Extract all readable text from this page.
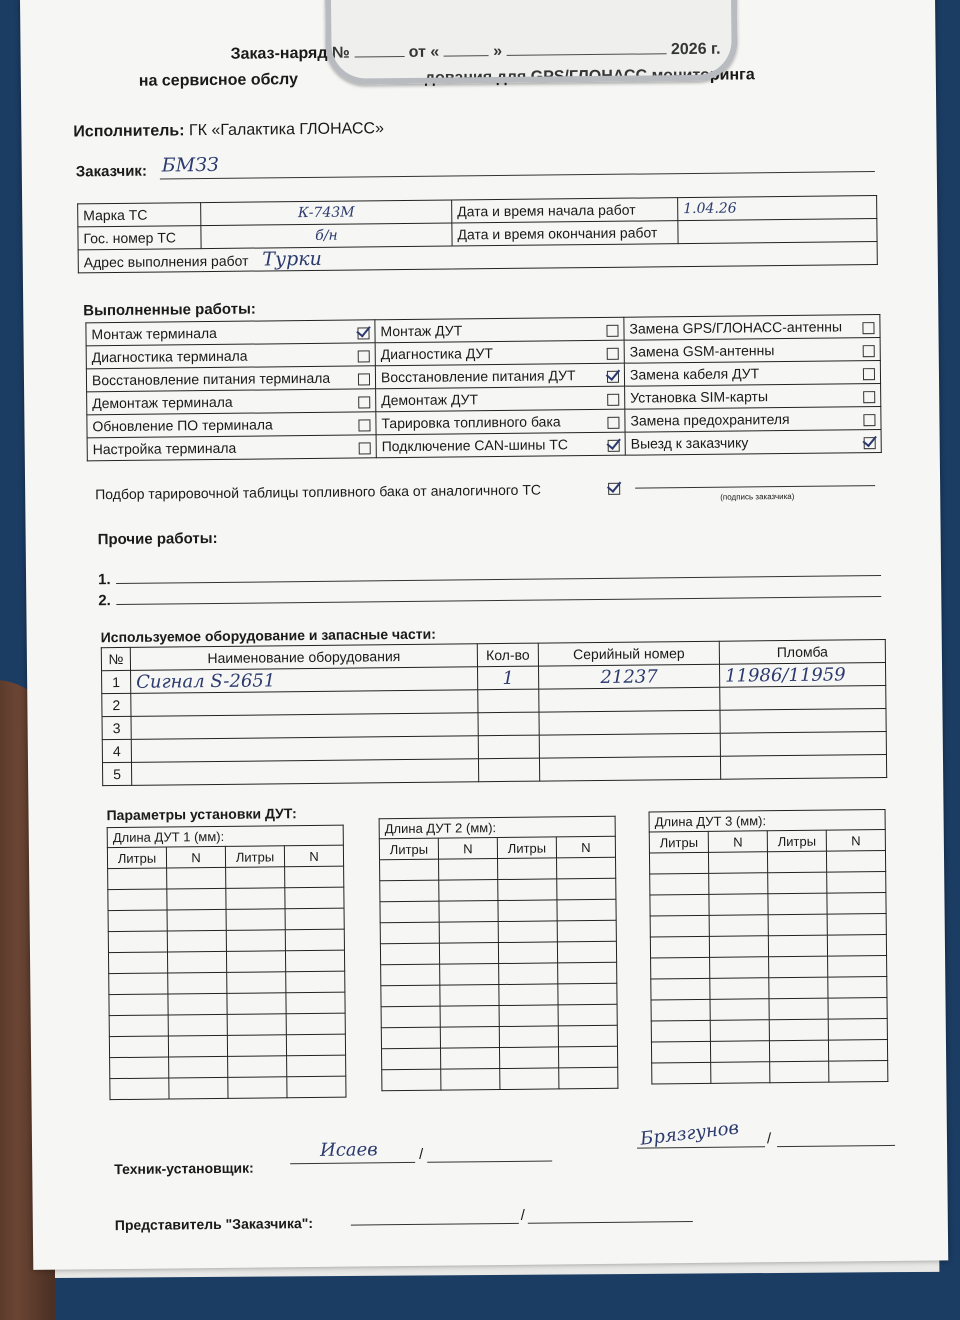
Заказ-наряд №	от «	»	2026 г.
на сервисное обслу	дования для GPS/ГЛОНАСС мониторинга
Исполнитель: ГК «Галактика ГЛОНАСС»
Заказчик: БМЗЗ
Марка ТС	К-743М	Дата и время начала работ	1.04.26
Гос. номер ТС	б/н	Дата и время окончания работ	
Адрес выполнения работ Турки			
Выполненные работы:
Монтаж терминала	Монтаж ДУТ	Замена GPS/ГЛОНАСС-антенны

Диагностика терминала	Диагностика ДУТ	Замена GSM-антенны

Восстановление питания терминала	Восстановление питания ДУТ	Замена кабеля ДУТ

Демонтаж терминала	Демонтаж ДУТ	Установка SIM-карты

Обновление ПО терминала	Тарировка топливного бака	Замена предохранителя

Настройка терминала	Подключение CAN-шины ТС	Выезд к заказчику
Подбор тарировочной таблицы топливного бака от аналогичного ТС	(подпись заказчика)
Прочие работы:
1.
2.
Используемое оборудование и запасные части:
№	Наименование оборудования	Кол-во	Серийный номер	Пломба
1	Сигнал S-2651	1	21237	11986/11959
2				
3				
4				
5				
Параметры установки ДУТ:
Длина ДУТ 1 (мм):
Литры	N	Литры	N

Длина ДУТ 2 (мм):
Литры	N	Литры	N

Длина ДУТ 3 (мм):
Литры	N	Литры	N

Техник-установщик:
Исаев	/
Брязгунов /
Представитель "Заказчика":	/
